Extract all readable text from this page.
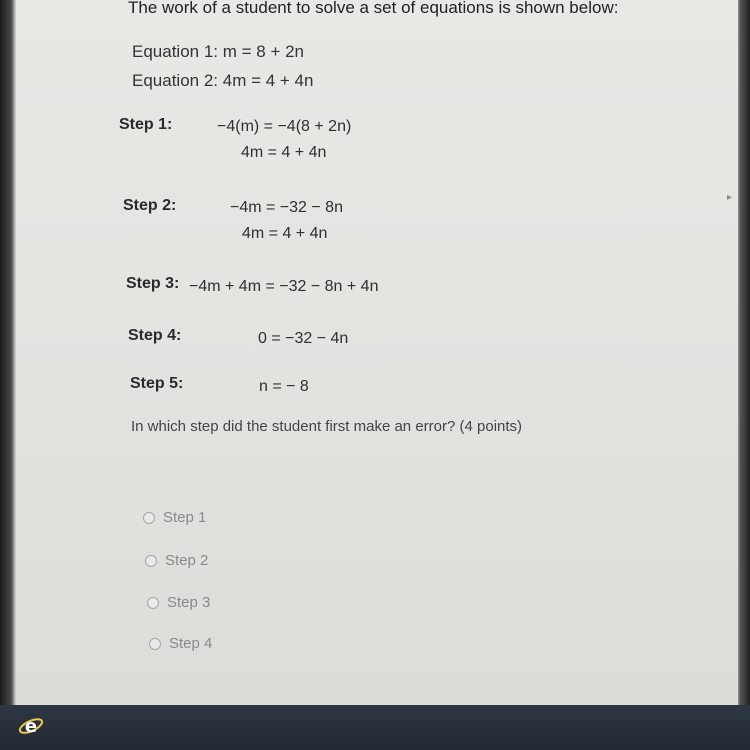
The work of a student to solve a set of equations is shown below:
Equation 1: m = 8 + 2n
Equation 2: 4m = 4 + 4n
Step 1:	−4(m) = −4(8 + 2n)
4m = 4 + 4n
Step 2:	−4m = −32 − 8n
4m = 4 + 4n
Step 3: −4m + 4m = −32 − 8n + 4n
Step 4:	0 = −32 − 4n
Step 5:	n = − 8
In which step did the student first make an error? (4 points)
Step 1
Step 2
Step 3
Step 4
▸
e
